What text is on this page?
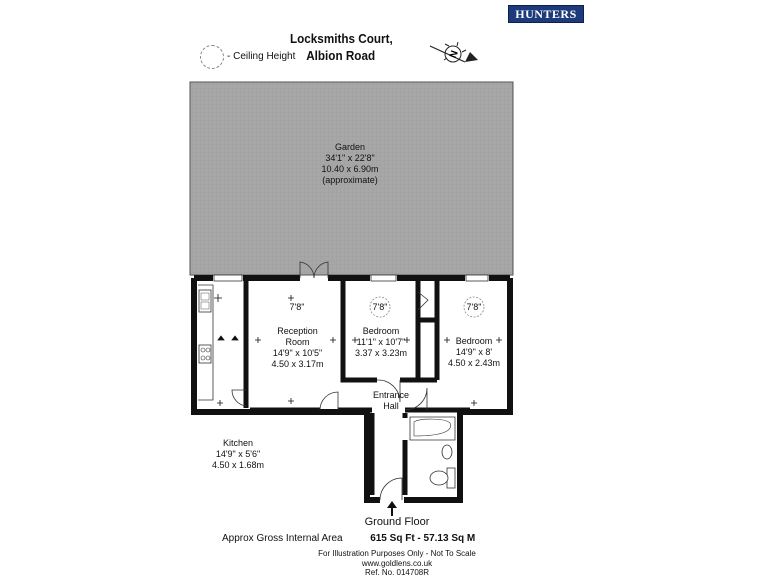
HUNTERS
Locksmiths Court,
Albion Road
- Ceiling Height	N
Garden
34'1" x 22'8"
10.40 x 6.90m
(approximate)
7'8"
Reception
Room
14'9" x 10'5"
4.50 x 3.17m
7'8"
Bedroom
11'1" x 10'7"
3.37 x 3.23m
7'8"
Bedroom
14'9" x 8'
4.50 x 2.43m
Entrance
Hall
Kitchen
14'9" x 5'6"
4.50 x 1.68m
Ground Floor
Approx Gross Internal Area	615 Sq Ft - 57.13 Sq M
For Illustration Purposes Only - Not To Scale
www.goldlens.co.uk
Ref. No. 014708R
